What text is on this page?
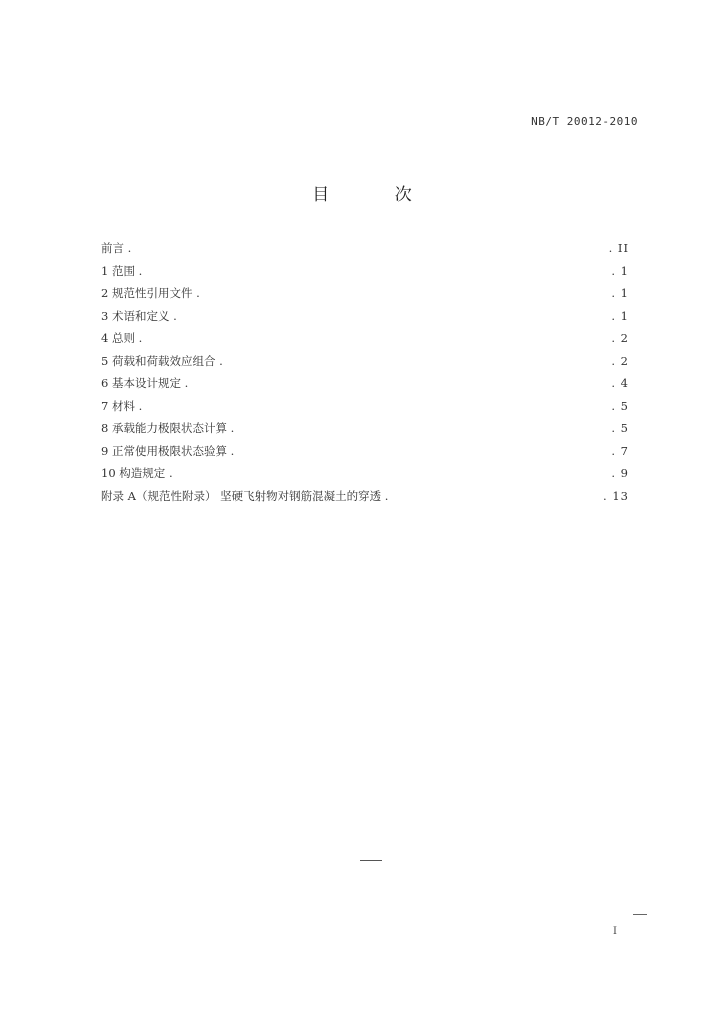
NB/T 20012-2010
目 次
前言 .	. II
1 范围 .	. 1
2 规范性引用文件 .	. 1
3 术语和定义 .	. 1
4 总则 .	. 2
5 荷载和荷载效应组合 .	. 2
6 基本设计规定 .	. 4
7 材料 .	. 5
8 承载能力极限状态计算 .	. 5
9 正常使用极限状态验算 .	. 7
10 构造规定 .	. 9
附录 A（规范性附录） 坚硬飞射物对钢筋混凝土的穿透 .	. 13
I
